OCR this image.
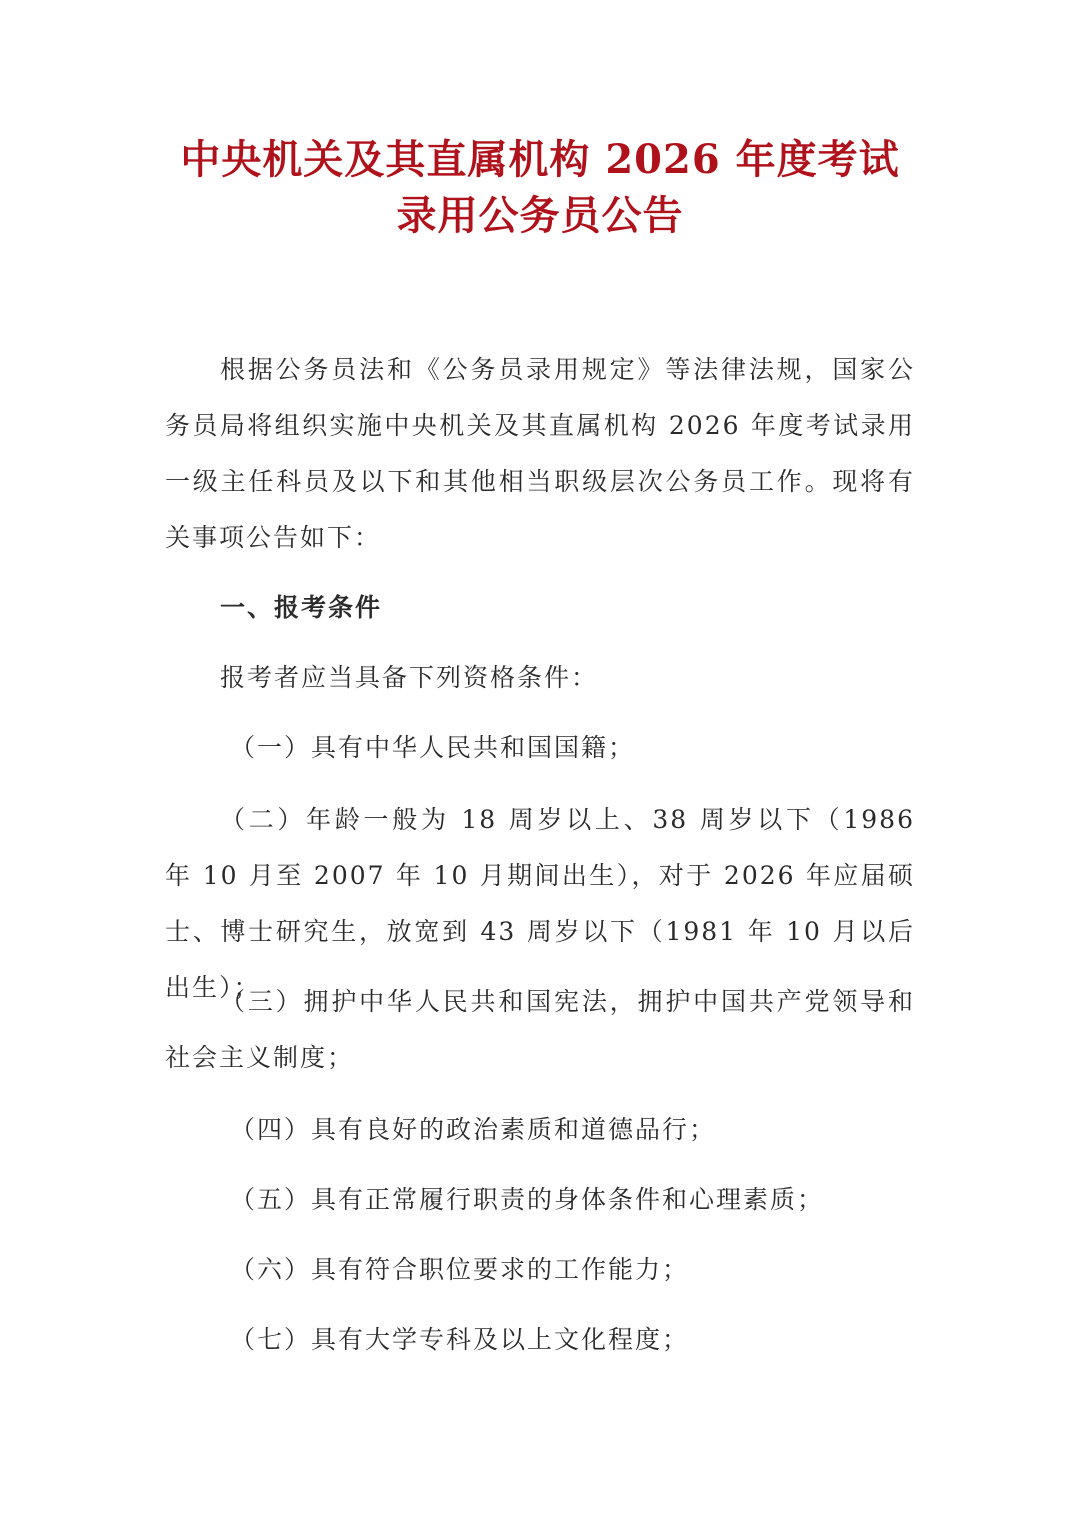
中央机关及其直属机构 2026 年度考试
录用公务员公告
根据公务员法和《公务员录用规定》等法律法规，国家公务员局将组织实施中央机关及其直属机构 2026 年度考试录用一级主任科员及以下和其他相当职级层次公务员工作。现将有关事项公告如下：
一、报考条件
报考者应当具备下列资格条件：
（一）具有中华人民共和国国籍；
（二）年龄一般为 18 周岁以上、38 周岁以下（1986 年 10 月至 2007 年 10 月期间出生），对于 2026 年应届硕士、博士研究生，放宽到 43 周岁以下（1981 年 10 月以后出生）；
（三）拥护中华人民共和国宪法，拥护中国共产党领导和社会主义制度；
（四）具有良好的政治素质和道德品行；
（五）具有正常履行职责的身体条件和心理素质；
（六）具有符合职位要求的工作能力；
（七）具有大学专科及以上文化程度；
